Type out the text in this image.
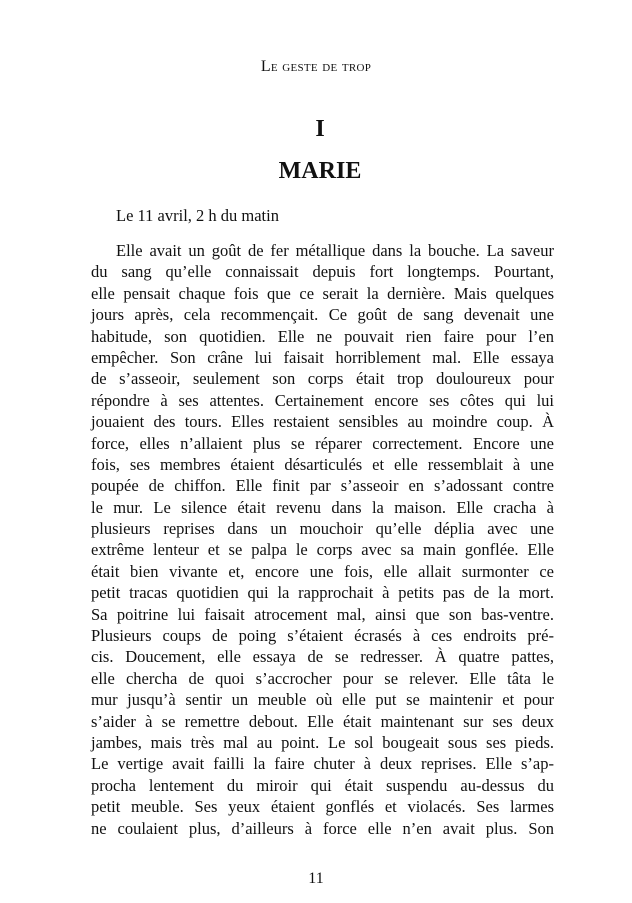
Le geste de trop
I
MARIE
Le 11 avril, 2 h du matin
Elle avait un goût de fer métallique dans la bouche. La saveur
du sang qu’elle connaissait depuis fort longtemps. Pourtant,
elle pensait chaque fois que ce serait la dernière. Mais quelques
jours après, cela recommençait. Ce goût de sang devenait une
habitude, son quotidien. Elle ne pouvait rien faire pour l’en
empêcher. Son crâne lui faisait horriblement mal. Elle essaya
de s’asseoir, seulement son corps était trop douloureux pour
répondre à ses attentes. Certainement encore ses côtes qui lui
jouaient des tours. Elles restaient sensibles au moindre coup. À
force, elles n’allaient plus se réparer correctement. Encore une
fois, ses membres étaient désarticulés et elle ressemblait à une
poupée de chiffon. Elle finit par s’asseoir en s’adossant contre
le mur. Le silence était revenu dans la maison. Elle cracha à
plusieurs reprises dans un mouchoir qu’elle déplia avec une
extrême lenteur et se palpa le corps avec sa main gonflée. Elle
était bien vivante et, encore une fois, elle allait surmonter ce
petit tracas quotidien qui la rapprochait à petits pas de la mort.
Sa poitrine lui faisait atrocement mal, ainsi que son bas-ventre.
Plusieurs coups de poing s’étaient écrasés à ces endroits pré-
cis. Doucement, elle essaya de se redresser. À quatre pattes,
elle chercha de quoi s’accrocher pour se relever. Elle tâta le
mur jusqu’à sentir un meuble où elle put se maintenir et pour
s’aider à se remettre debout. Elle était maintenant sur ses deux
jambes, mais très mal au point. Le sol bougeait sous ses pieds.
Le vertige avait failli la faire chuter à deux reprises. Elle s’ap-
procha lentement du miroir qui était suspendu au-dessus du
petit meuble. Ses yeux étaient gonflés et violacés. Ses larmes
ne coulaient plus, d’ailleurs à force elle n’en avait plus. Son
11
